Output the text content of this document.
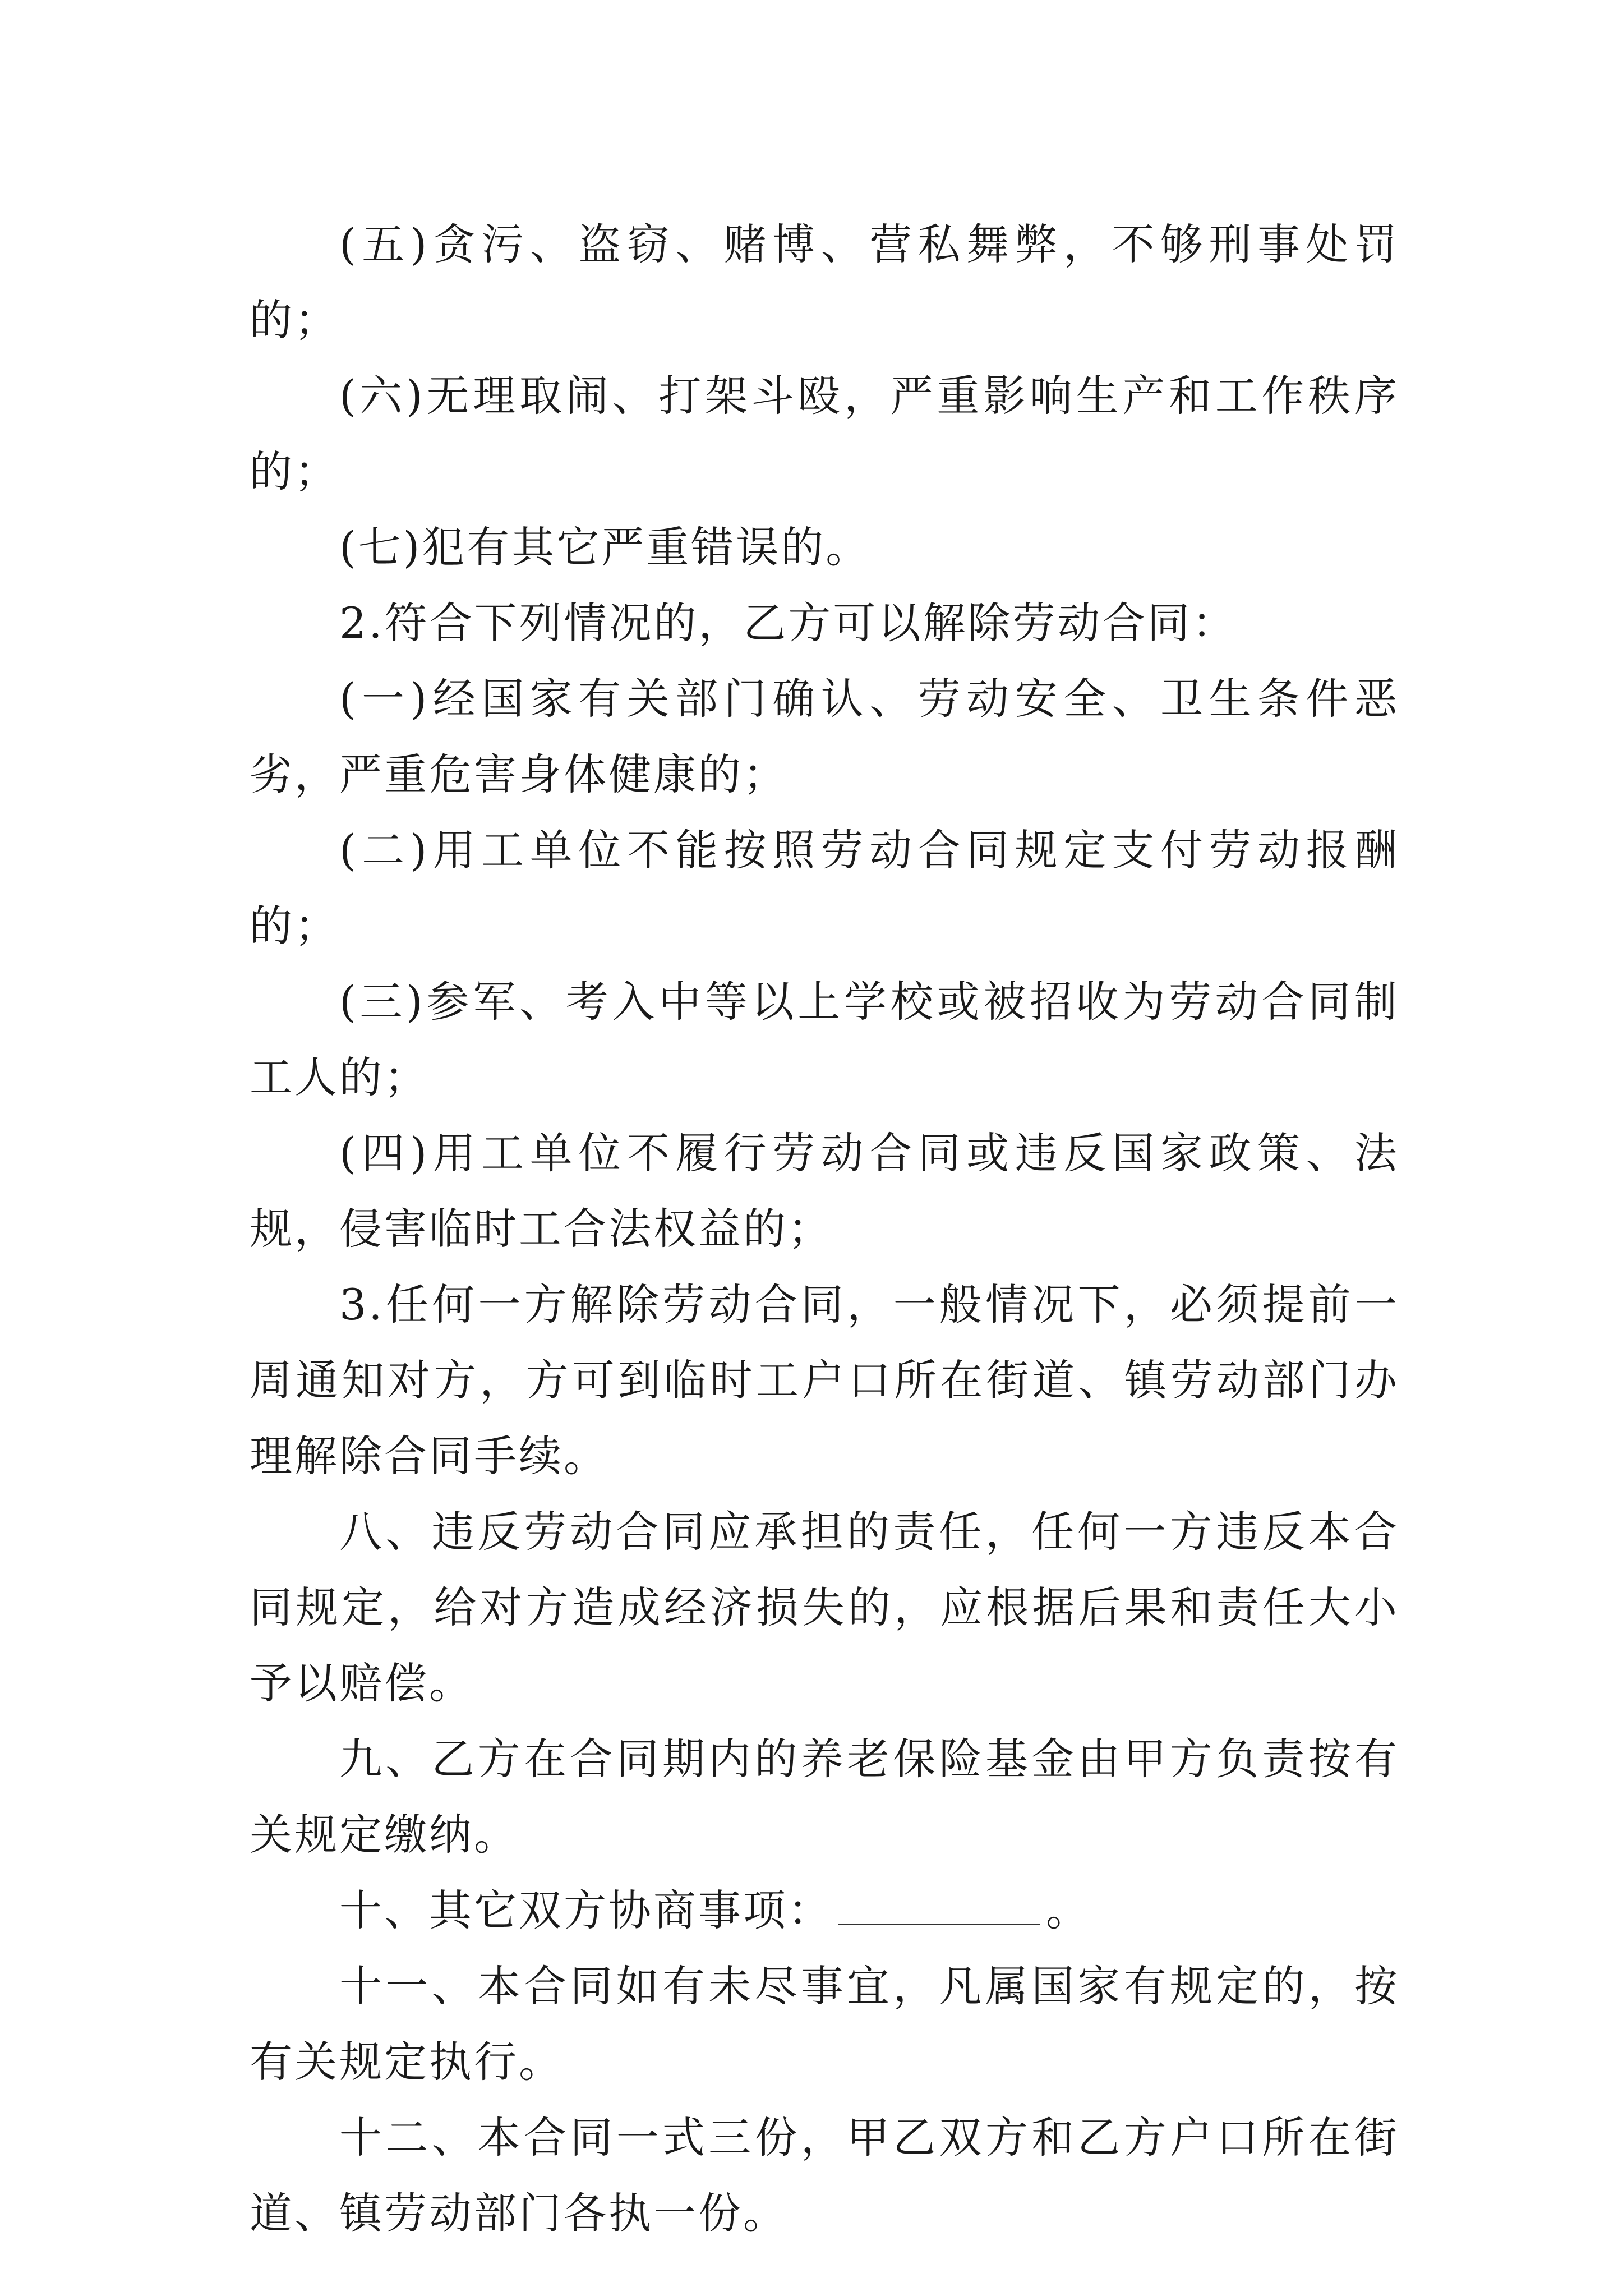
(五)贪污、盗窃、赌博、营私舞弊，不够刑事处罚的；

(六)无理取闹、打架斗殴，严重影响生产和工作秩序的；

(七)犯有其它严重错误的。

2.符合下列情况的，乙方可以解除劳动合同：

(一)经国家有关部门确认、劳动安全、卫生条件恶劣，严重危害身体健康的；

(二)用工单位不能按照劳动合同规定支付劳动报酬的；

(三)参军、考入中等以上学校或被招收为劳动合同制工人的；

(四)用工单位不履行劳动合同或违反国家政策、法规，侵害临时工合法权益的；

3.任何一方解除劳动合同，一般情况下，必须提前一周通知对方，方可到临时工户口所在街道、镇劳动部门办理解除合同手续。

八、违反劳动合同应承担的责任，任何一方违反本合同规定，给对方造成经济损失的，应根据后果和责任大小予以赔偿。

九、乙方在合同期内的养老保险基金由甲方负责按有关规定缴纳。

十、其它双方协商事项：	。

十一、本合同如有未尽事宜，凡属国家有规定的，按有关规定执行。

十二、本合同一式三份，甲乙双方和乙方户口所在街道、镇劳动部门各执一份。
